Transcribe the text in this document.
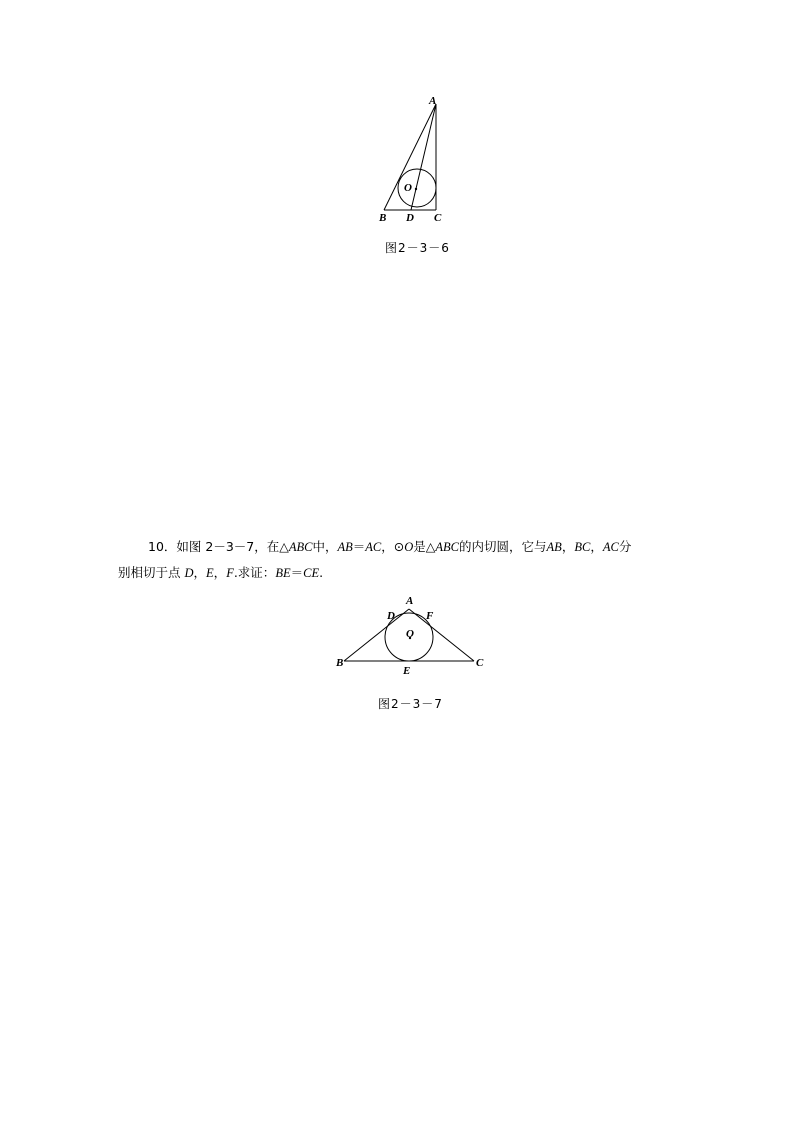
A
B D C
O
图2－3－6
10．如图 2－3－7，在△ABC中，AB＝AC，⊙O是△ABC的内切圆，它与AB，BC，AC分
别相切于点 D，E，F.求证：BE＝CE.
A
D	F
O
B	C
E
图2－3－7
